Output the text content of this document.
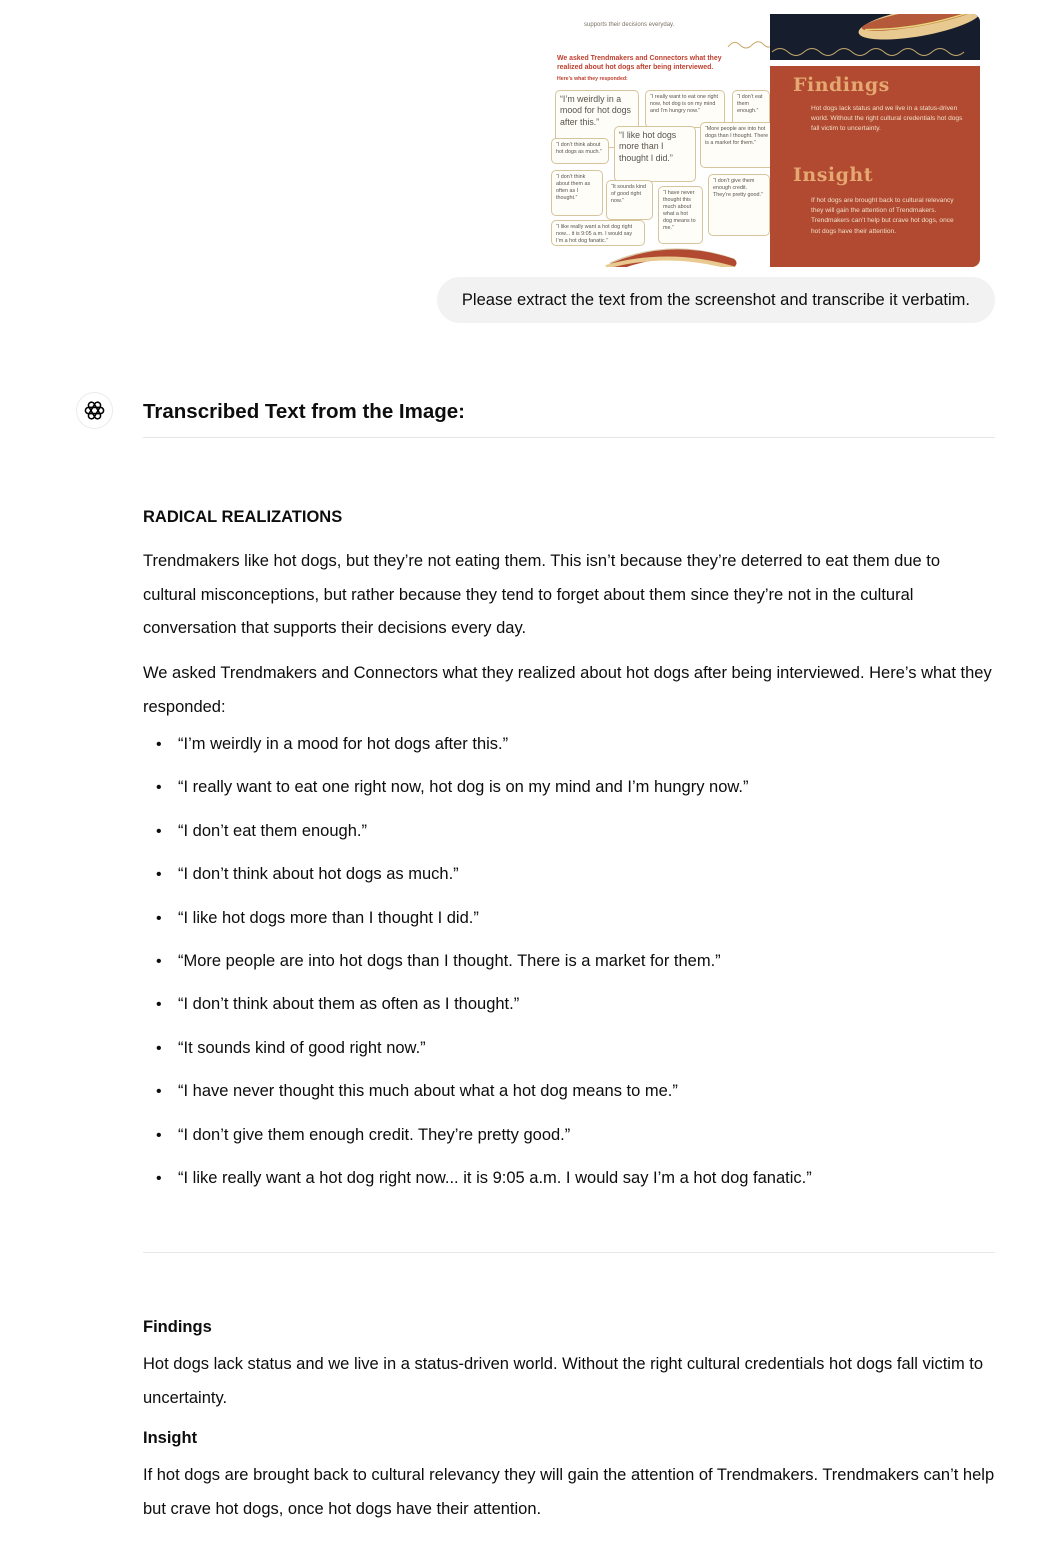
supports their decisions everyday.
We asked Trendmakers and Connectors what they realized about hot dogs after being interviewed.
Here’s what they responded:
“I’m weirdly in a mood for hot dogs after this.”
“I really want to eat one right now, hot dog is on my mind and I’m hungry now.”
“I don’t eat them enough.”
“I don’t think about hot dogs as much.”
“I like hot dogs more than I thought I did.”
“More people are into hot dogs than I thought. There is a market for them.”
“I don’t think about them as often as I thought.”
“It sounds kind of good right now.”
“I have never thought this much about what a hot dog means to me.”
“I don’t give them enough credit. They’re pretty good.”
“I like really want a hot dog right now... it is 9:05 a.m. I would say I’m a hot dog fanatic.”
Findings
Hot dogs lack status and we live in a status-driven world. Without the right cultural credentials hot dogs fall victim to uncertainty.
Insight
If hot dogs are brought back to cultural relevancy they will gain the attention of Trendmakers. Trendmakers can’t help but crave hot dogs, once hot dogs have their attention.
Please extract the text from the screenshot and transcribe it verbatim.
Transcribed Text from the Image:
RADICAL REALIZATIONS
Trendmakers like hot dogs, but they’re not eating them. This isn’t because they’re deterred to eat them due to cultural misconceptions, but rather because they tend to forget about them since they’re not in the cultural conversation that supports their decisions every day.
We asked Trendmakers and Connectors what they realized about hot dogs after being interviewed. Here’s what they responded:
• “I’m weirdly in a mood for hot dogs after this.”
• “I really want to eat one right now, hot dog is on my mind and I’m hungry now.”
• “I don’t eat them enough.”
• “I don’t think about hot dogs as much.”
• “I like hot dogs more than I thought I did.”
• “More people are into hot dogs than I thought. There is a market for them.”
• “I don’t think about them as often as I thought.”
• “It sounds kind of good right now.”
• “I have never thought this much about what a hot dog means to me.”
• “I don’t give them enough credit. They’re pretty good.”
• “I like really want a hot dog right now... it is 9:05 a.m. I would say I’m a hot dog fanatic.”
Findings
Hot dogs lack status and we live in a status-driven world. Without the right cultural credentials hot dogs fall victim to uncertainty.
Insight
If hot dogs are brought back to cultural relevancy they will gain the attention of Trendmakers. Trendmakers can’t help but crave hot dogs, once hot dogs have their attention.
